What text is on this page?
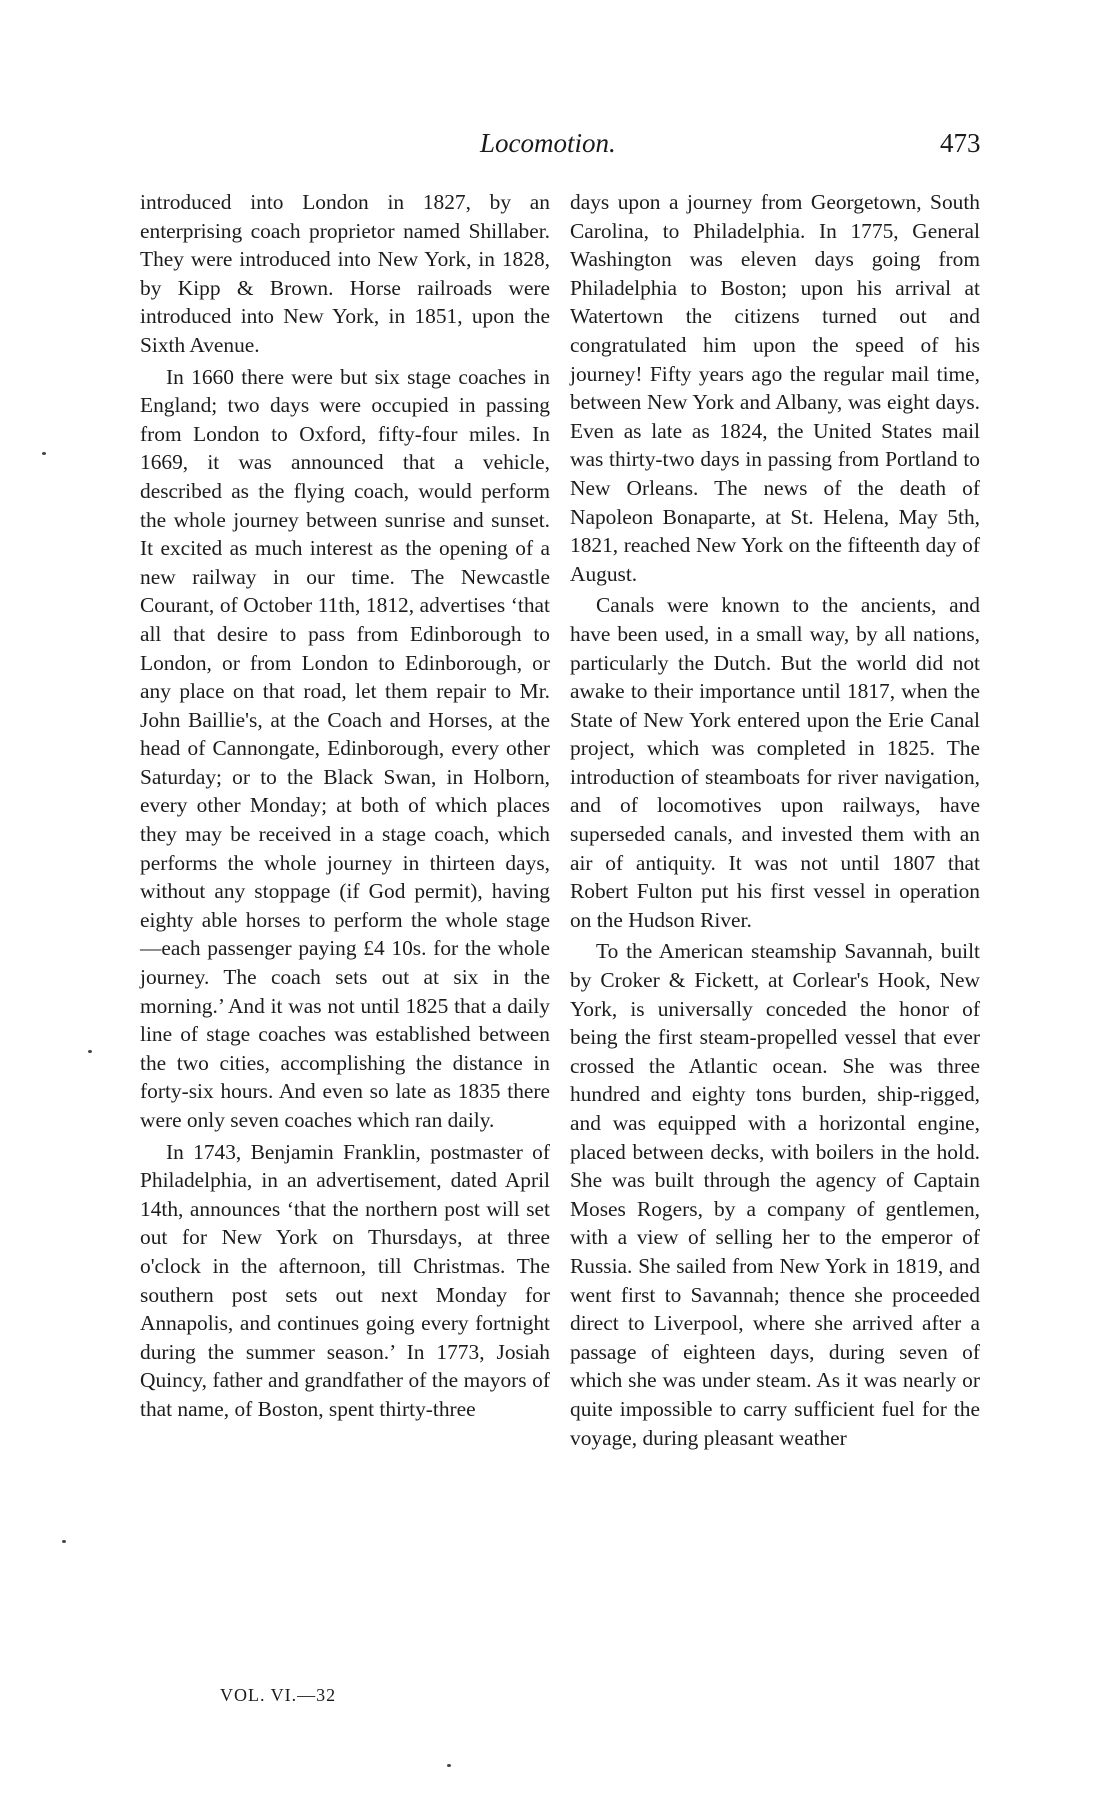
Locomotion.	473

introduced into London in 1827, by an enterprising coach proprietor named Shillaber. They were introduced into New York, in 1828, by Kipp & Brown. Horse railroads were introduced into New York, in 1851, upon the Sixth Avenue.

In 1660 there were but six stage coaches in England; two days were occupied in passing from London to Oxford, fifty-four miles. In 1669, it was announced that a vehicle, described as the flying coach, would perform the whole journey between sunrise and sunset. It excited as much interest as the opening of a new railway in our time. The Newcastle Courant, of October 11th, 1812, advertises ‘that all that desire to pass from Edinborough to London, or from London to Edinborough, or any place on that road, let them repair to Mr. John Baillie's, at the Coach and Horses, at the head of Cannongate, Edinborough, every other Saturday; or to the Black Swan, in Holborn, every other Monday; at both of which places they may be received in a stage coach, which performs the whole journey in thirteen days, without any stoppage (if God permit), having eighty able horses to perform the whole stage —each passenger paying £4 10s. for the whole journey. The coach sets out at six in the morning.’ And it was not until 1825 that a daily line of stage coaches was established between the two cities, accomplishing the distance in forty-six hours. And even so late as 1835 there were only seven coaches which ran daily.

In 1743, Benjamin Franklin, postmaster of Philadelphia, in an advertisement, dated April 14th, announces ‘that the northern post will set out for New York on Thursdays, at three o'clock in the afternoon, till Christmas. The southern post sets out next Monday for Annapolis, and continues going every fortnight during the summer season.’ In 1773, Josiah Quincy, father and grandfather of the mayors of that name, of Boston, spent thirty-three

days upon a journey from Georgetown, South Carolina, to Philadelphia. In 1775, General Washington was eleven days going from Philadelphia to Boston; upon his arrival at Watertown the citizens turned out and congratulated him upon the speed of his journey! Fifty years ago the regular mail time, between New York and Albany, was eight days. Even as late as 1824, the United States mail was thirty-two days in passing from Portland to New Orleans. The news of the death of Napoleon Bonaparte, at St. Helena, May 5th, 1821, reached New York on the fifteenth day of August.

Canals were known to the ancients, and have been used, in a small way, by all nations, particularly the Dutch. But the world did not awake to their importance until 1817, when the State of New York entered upon the Erie Canal project, which was completed in 1825. The introduction of steamboats for river navigation, and of locomotives upon railways, have superseded canals, and invested them with an air of antiquity. It was not until 1807 that Robert Fulton put his first vessel in operation on the Hudson River.

To the American steamship Savannah, built by Croker & Fickett, at Corlear's Hook, New York, is universally conceded the honor of being the first steam-propelled vessel that ever crossed the Atlantic ocean. She was three hundred and eighty tons burden, ship-rigged, and was equipped with a horizontal engine, placed between decks, with boilers in the hold. She was built through the agency of Captain Moses Rogers, by a company of gentlemen, with a view of selling her to the emperor of Russia. She sailed from New York in 1819, and went first to Savannah; thence she proceeded direct to Liverpool, where she arrived after a passage of eighteen days, during seven of which she was under steam. As it was nearly or quite impossible to carry sufficient fuel for the voyage, during pleasant weather

VOL. VI.—32
